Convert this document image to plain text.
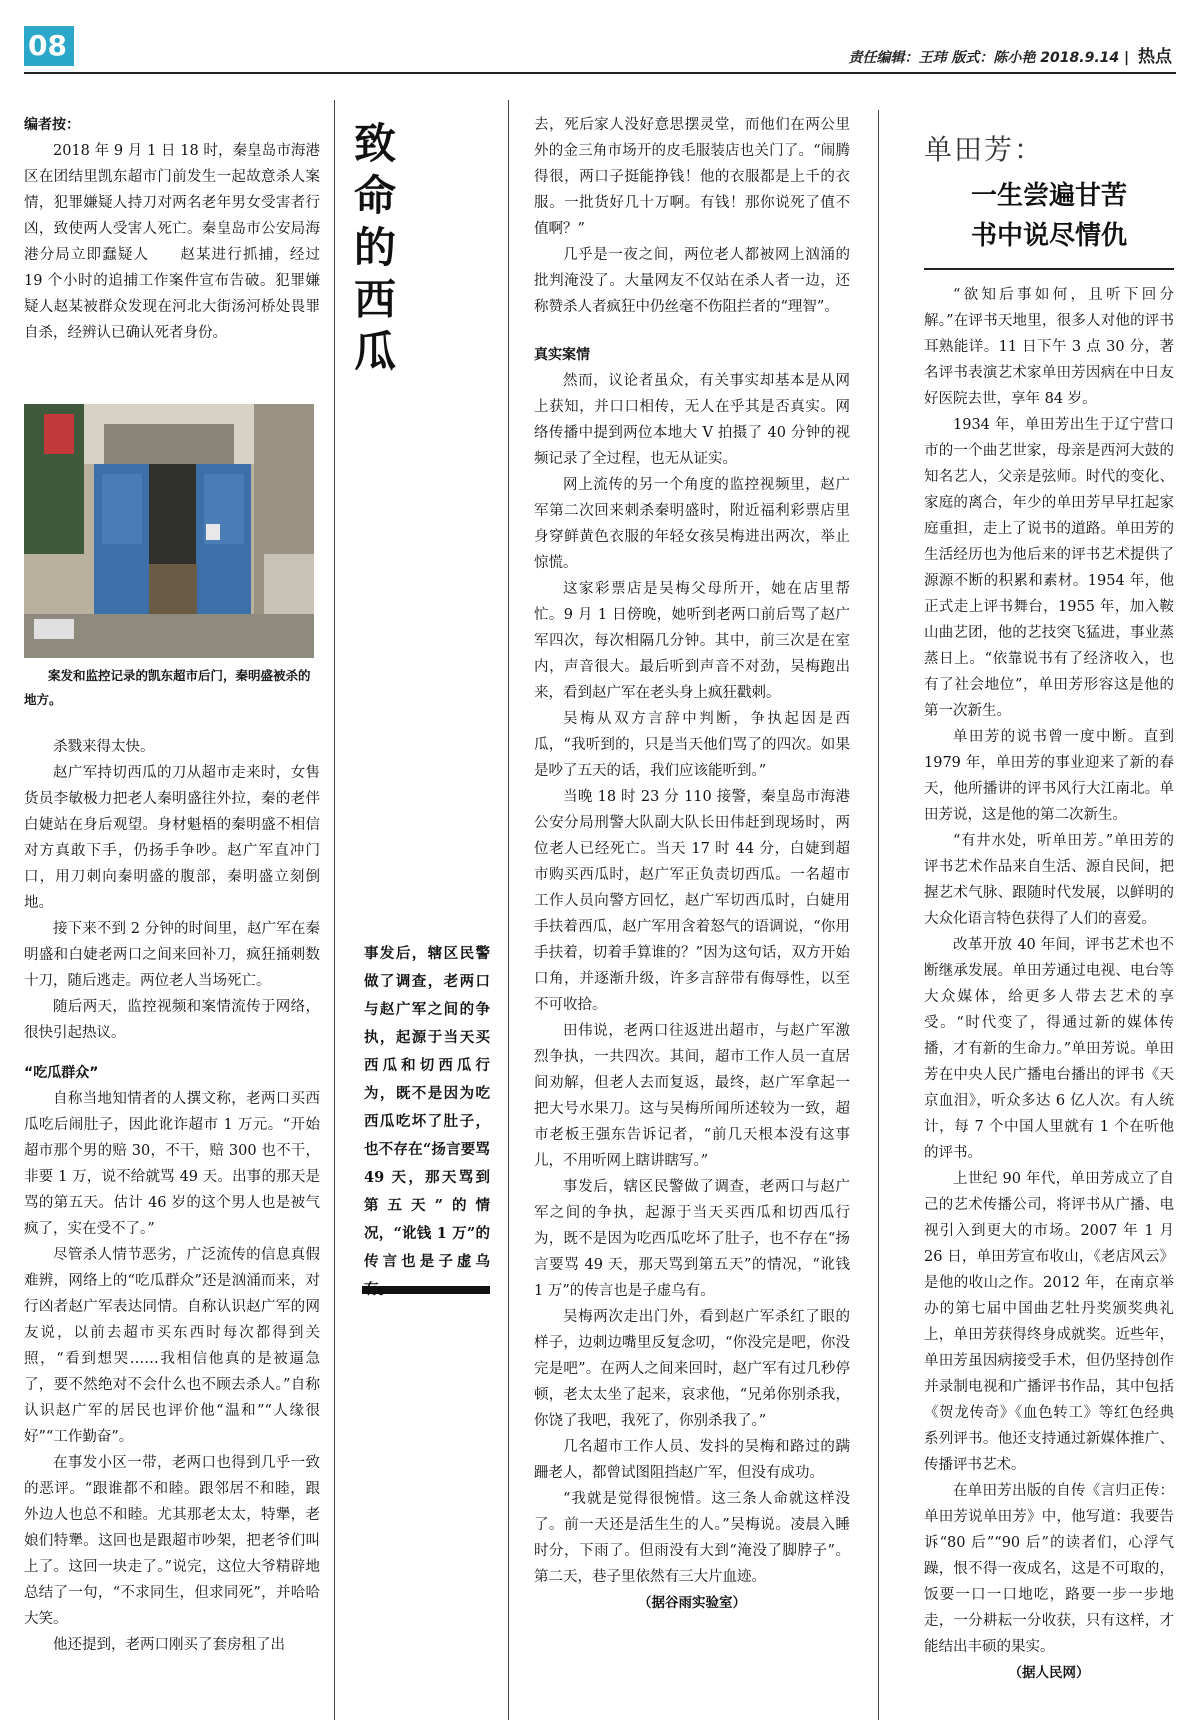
08	责任编辑：王玮 版式：陈小艳 2018.9.14 | 热点

编者按：

2018 年 9 月 1 日 18 时，秦皇岛市海港区在团结里凯东超市门前发生一起故意杀人案情，犯罪嫌疑人持刀对两名老年男女受害者行凶，致使两人受害人死亡。秦皇岛市公安局海港分局立即蠢疑人　　赵某进行抓捕，经过 19 个小时的追捕工作案件宣布告破。犯罪嫌疑人赵某被群众发现在河北大街汤河桥处畏罪自杀，经辨认已确认死者身份。

案发和监控记录的凯东超市后门，秦明盛被杀的地方。

杀戮来得太快。

赵广军持切西瓜的刀从超市走来时，女售货员李敏极力把老人秦明盛往外拉，秦的老伴白婕站在身后观望。身材魁梧的秦明盛不相信对方真敢下手，仍扬手争吵。赵广军直冲门口，用刀刺向秦明盛的腹部，秦明盛立刻倒地。

接下来不到 2 分钟的时间里，赵广军在秦明盛和白婕老两口之间来回补刀，疯狂捅刺数十刀，随后逃走。两位老人当场死亡。

随后两天，监控视频和案情流传于网络，很快引起热议。

“吃瓜群众”

自称当地知情者的人撰文称，老两口买西瓜吃后闹肚子，因此讹诈超市 1 万元。“开始超市那个男的赔 30，不干，赔 300 也不干，非要 1 万，说不给就骂 49 天。出事的那天是骂的第五天。估计 46 岁的这个男人也是被气疯了，实在受不了。”

尽管杀人情节恶劣，广泛流传的信息真假难辨，网络上的“吃瓜群众”还是汹涌而来，对行凶者赵广军表达同情。自称认识赵广军的网友说，以前去超市买东西时每次都得到关照，“看到想哭……我相信他真的是被逼急了，要不然绝对不会什么也不顾去杀人。”自称认识赵广军的居民也评价他“温和”“人缘很好”“工作勤奋”。

在事发小区一带，老两口也得到几乎一致的恶评。“跟谁都不和睦。跟邻居不和睦，跟外边人也总不和睦。尤其那老太太，特犟，老娘们特犟。这回也是跟超市吵架，把老爷们叫上了。这回一块走了。”说完，这位大爷精辟地总结了一句，“不求同生，但求同死”，并哈哈大笑。

他还提到，老两口刚买了套房租了出

致
命
的
西
瓜
事发后，辖区民警做了调查，老两口与赵广军之间的争执，起源于当天买西瓜和切西瓜行为，既不是因为吃西瓜吃坏了肚子，也不存在“扬言要骂 49 天，那天骂到第五天”的情况，“讹钱 1 万”的传言也是子虚乌

去，死后家人没好意思摆灵堂，而他们在两公里外的金三角市场开的皮毛服装店也关门了。“闹腾得很，两口子挺能挣钱！他的衣服都是上千的衣服。一批货好几十万啊。有钱！那你说死了值不值啊？”

几乎是一夜之间，两位老人都被网上汹涌的批判淹没了。大量网友不仅站在杀人者一边，还称赞杀人者疯狂中仍丝毫不伤阻拦者的“理智”。

真实案情

然而，议论者虽众，有关事实却基本是从网上获知，并口口相传，无人在乎其是否真实。网络传播中提到两位本地大 V 拍摄了 40 分钟的视频记录了全过程，也无从证实。

网上流传的另一个角度的监控视频里，赵广军第二次回来刺杀秦明盛时，附近福利彩票店里身穿鲜黄色衣服的年轻女孩吴梅进出两次，举止惊慌。

这家彩票店是吴梅父母所开，她在店里帮忙。9 月 1 日傍晚，她听到老两口前后骂了赵广军四次，每次相隔几分钟。其中，前三次是在室内，声音很大。最后听到声音不对劲，吴梅跑出来，看到赵广军在老头身上疯狂戳刺。

吴梅从双方言辞中判断，争执起因是西瓜，“我听到的，只是当天他们骂了的四次。如果是吵了五天的话，我们应该能听到。”

当晚 18 时 23 分 110 接警，秦皇岛市海港公安分局刑警大队副大队长田伟赶到现场时，两位老人已经死亡。当天 17 时 44 分，白婕到超市购买西瓜时，赵广军正负责切西瓜。一名超市工作人员向警方回忆，赵广军切西瓜时，白婕用手扶着西瓜，赵广军用含着怒气的语调说，“你用手扶着，切着手算谁的？”因为这句话，双方开始口角，并逐渐升级，许多言辞带有侮辱性，以至不可收拾。

田伟说，老两口往返进出超市，与赵广军激烈争执，一共四次。其间，超市工作人员一直居间劝解，但老人去而复返，最终，赵广军拿起一把大号水果刀。这与吴梅所闻所述较为一致，超市老板王强东告诉记者，“前几天根本没有这事儿，不用听网上瞎讲瞎写。”

事发后，辖区民警做了调查，老两口与赵广军之间的争执，起源于当天买西瓜和切西瓜行为，既不是因为吃西瓜吃坏了肚子，也不存在“扬言要骂 49 天，那天骂到第五天”的情况，“讹钱 1 万”的传言也是子虚乌有。

吴梅两次走出门外，看到赵广军杀红了眼的样子，边刺边嘴里反复念叨，“你没完是吧，你没完是吧”。在两人之间来回时，赵广军有过几秒停顿，老太太坐了起来，哀求他，“兄弟你别杀我，你饶了我吧，我死了，你别杀我了。”

几名超市工作人员、发抖的吴梅和路过的蹒跚老人，都曾试图阻挡赵广军，但没有成功。

“我就是觉得很惋惜。这三条人命就这样没了。前一天还是活生生的人。”吴梅说。凌晨入睡时分，下雨了。但雨没有大到“淹没了脚脖子”。第二天，巷子里依然有三大片血迹。

（据谷雨实验室）

单田芳：
一生尝遍甘苦
书中说尽情仇

“欲知后事如何，且听下回分解。”在评书天地里，很多人对他的评书耳熟能详。11 日下午 3 点 30 分，著名评书表演艺术家单田芳因病在中日友好医院去世，享年 84 岁。

1934 年，单田芳出生于辽宁营口市的一个曲艺世家，母亲是西河大鼓的知名艺人，父亲是弦师。时代的变化、家庭的离合，年少的单田芳早早扛起家庭重担，走上了说书的道路。单田芳的生活经历也为他后来的评书艺术提供了源源不断的积累和素材。1954 年，他正式走上评书舞台，1955 年，加入鞍山曲艺团，他的艺技突飞猛进，事业蒸蒸日上。“依靠说书有了经济收入，也有了社会地位”，单田芳形容这是他的第一次新生。

单田芳的说书曾一度中断。直到 1979 年，单田芳的事业迎来了新的春天，他所播讲的评书风行大江南北。单田芳说，这是他的第二次新生。

“有井水处，听单田芳。”单田芳的评书艺术作品来自生活、源自民间，把握艺术气脉、跟随时代发展，以鲜明的大众化语言特色获得了人们的喜爱。

改革开放 40 年间，评书艺术也不断继承发展。单田芳通过电视、电台等大众媒体，给更多人带去艺术的享受。“时代变了，得通过新的媒体传播，才有新的生命力。”单田芳说。单田芳在中央人民广播电台播出的评书《天京血泪》，听众多达 6 亿人次。有人统计，每 7 个中国人里就有 1 个在听他的评书。

上世纪 90 年代，单田芳成立了自己的艺术传播公司，将评书从广播、电视引入到更大的市场。2007 年 1 月 26 日，单田芳宣布收山，《老店风云》是他的收山之作。2012 年，在南京举办的第七届中国曲艺牡丹奖颁奖典礼上，单田芳获得终身成就奖。近些年，单田芳虽因病接受手术，但仍坚持创作并录制电视和广播评书作品，其中包括《贺龙传奇》《血色转工》等红色经典系列评书。他还支持通过新媒体推广、传播评书艺术。

在单田芳出版的自传《言归正传：单田芳说单田芳》中，他写道：我要告诉“80 后”“90 后”的读者们，心浮气躁，恨不得一夜成名，这是不可取的，饭要一口一口地吃，路要一步一步地走，一分耕耘一分收获，只有这样，才能结出丰硕的果实。

（据人民网）
